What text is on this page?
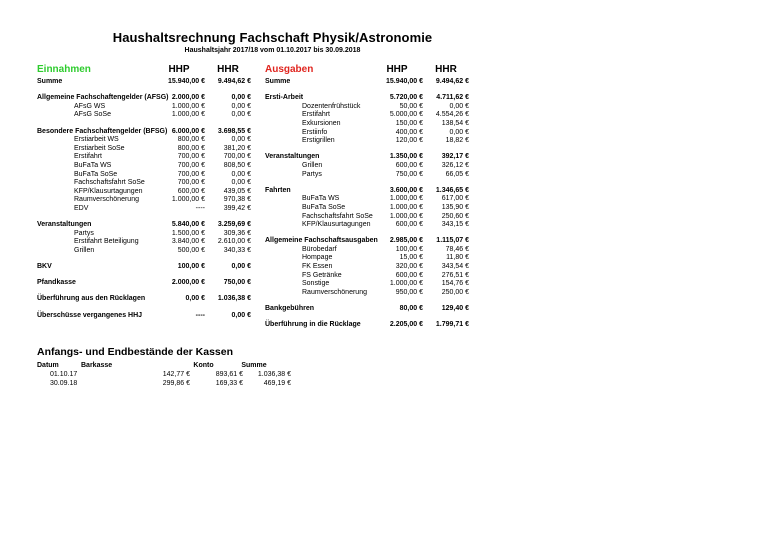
Haushaltsrechnung Fachschaft Physik/Astronomie
Haushaltsjahr 2017/18 vom 01.10.2017 bis 30.09.2018
Einnahmen	HHP	HHR
Summe	15.940,00 €	9.494,62 €
Allgemeine Fachschaftengelder (AFSG) 2.000,00 €	0,00 €
AFsG WS	1.000,00 €	0,00 €
AFsG SoSe	1.000,00 €	0,00 €
Besondere Fachschaftengelder (BFSG) 6.000,00 €	3.698,55 €
Erstiarbeit WS	800,00 €	0,00 €
Erstiarbeit SoSe	800,00 €	381,20 €
Erstifahrt	700,00 €	700,00 €
BuFaTa WS	700,00 €	808,50 €
BuFaTa SoSe	700,00 €	0,00 €
Fachschaftsfahrt SoSe	700,00 €	0,00 €
KFP/Klausurtagungen	600,00 €	439,05 €
Raumverschönerung	1.000,00 €	970,38 €
EDV	----	399,42 €
Veranstaltungen	5.840,00 €	3.259,69 €
Partys	1.500,00 €	309,36 €
Erstifahrt Beteiligung	3.840,00 €	2.610,00 €
Grillen	500,00 €	340,33 €
BKV	100,00 €	0,00 €
Pfandkasse	2.000,00 €	750,00 €
Überführung aus den Rücklagen	0,00 €	1.036,38 €
Überschüsse vergangenes HHJ	----	0,00 €
Ausgaben	HHP	HHR
Summe	15.940,00 €	9.494,62 €
Ersti-Arbeit	5.720,00 €	4.711,62 €
Dozentenfrühstück	50,00 €	0,00 €
Erstifahrt	5.000,00 €	4.554,26 €
Exkursionen	150,00 €	138,54 €
Erstiinfo	400,00 €	0,00 €
Erstigrillen	120,00 €	18,82 €
Veranstaltungen	1.350,00 €	392,17 €
Grillen	600,00 €	326,12 €
Partys	750,00 €	66,05 €
Fahrten	3.600,00 €	1.346,65 €
BuFaTa WS	1.000,00 €	617,00 €
BuFaTa SoSe	1.000,00 €	135,90 €
Fachschaftsfahrt SoSe	1.000,00 €	250,60 €
KFP/Klausurtagungen	600,00 €	343,15 €
Allgemeine Fachschaftsausgaben	2.985,00 €	1.115,07 €
Bürobedarf	100,00 €	78,46 €
Hompage	15,00 €	11,80 €
FK Essen	320,00 €	343,54 €
FS Getränke	600,00 €	276,51 €
Sonstige	1.000,00 €	154,76 €
Raumverschönerung	950,00 €	250,00 €
Bankgebühren	80,00 €	129,40 €
Überführung in die Rücklage	2.205,00 €	1.799,71 €
Anfangs- und Endbestände der Kassen
Datum	Barkasse	Konto	Summe
01.10.17	142,77 €	893,61 €	1.036,38 €
30.09.18	299,86 €	169,33 €	469,19 €
